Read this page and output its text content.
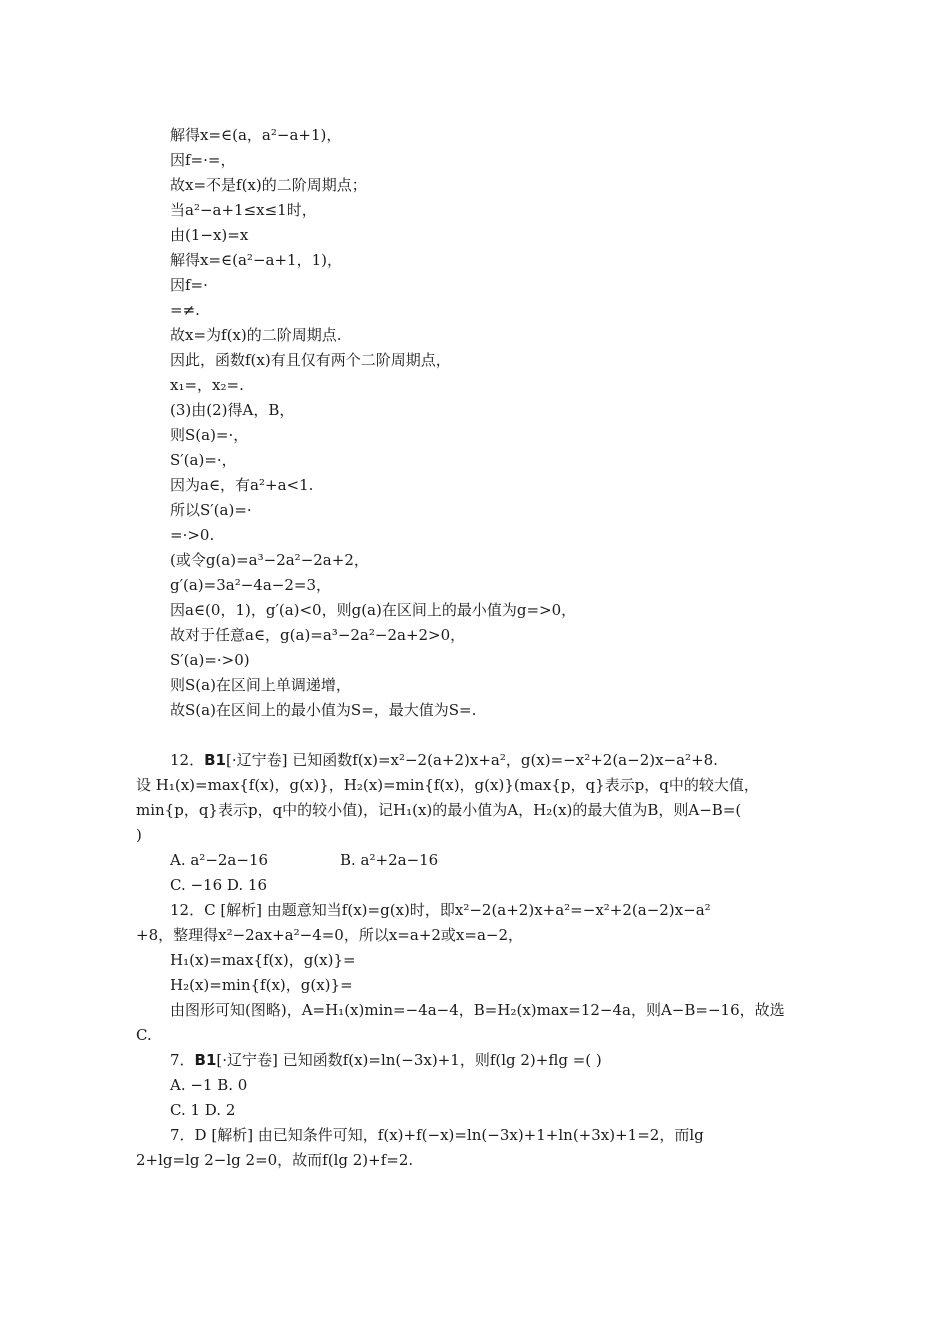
解得x=∈(a，a²−a+1)，
因f=·=，
故x=不是f(x)的二阶周期点；
当a²−a+1≤x≤1时，
由(1−x)=x
解得x=∈(a²−a+1，1)，
因f=·
=≠.
故x=为f(x)的二阶周期点.
因此，函数f(x)有且仅有两个二阶周期点，
x₁=，x₂=.
(3)由(2)得A，B，
则S(a)=·，
S′(a)=·，
因为a∈，有a²+a<1.
所以S′(a)=·
=·>0.
(或令g(a)=a³−2a²−2a+2，
g′(a)=3a²−4a−2=3，
因a∈(0，1)，g′(a)<0，则g(a)在区间上的最小值为g=>0，
故对于任意a∈，g(a)=a³−2a²−2a+2>0，
S′(a)=·>0)
则S(a)在区间上单调递增，
故S(a)在区间上的最小值为S=，最大值为S=.
12．B1[·辽宁卷] 已知函数f(x)=x²−2(a+2)x+a²，g(x)=−x²+2(a−2)x−a²+8.
设 H₁(x)=max{f(x)，g(x)}，H₂(x)=min{f(x)，g(x)}(max{p，q}表示p，q中的较大值，
min{p，q}表示p，q中的较小值)，记H₁(x)的最小值为A，H₂(x)的最大值为B，则A−B=(
)
A. a²−2a−16	B. a²+2a−16
C. −16 D. 16
12．C [解析] 由题意知当f(x)=g(x)时，即x²−2(a+2)x+a²=−x²+2(a−2)x−a²
+8，整理得x²−2ax+a²−4=0，所以x=a+2或x=a−2，
H₁(x)=max{f(x)，g(x)}=
H₂(x)=min{f(x)，g(x)}=
由图形可知(图略)，A=H₁(x)min=−4a−4，B=H₂(x)max=12−4a，则A−B=−16，故选
C.
7．B1[·辽宁卷] 已知函数f(x)=ln(−3x)+1，则f(lg 2)+flg =( )
A. −1 B. 0
C. 1 D. 2
7．D [解析] 由已知条件可知，f(x)+f(−x)=ln(−3x)+1+ln(+3x)+1=2，而lg
2+lg=lg 2−lg 2=0，故而f(lg 2)+f=2.
